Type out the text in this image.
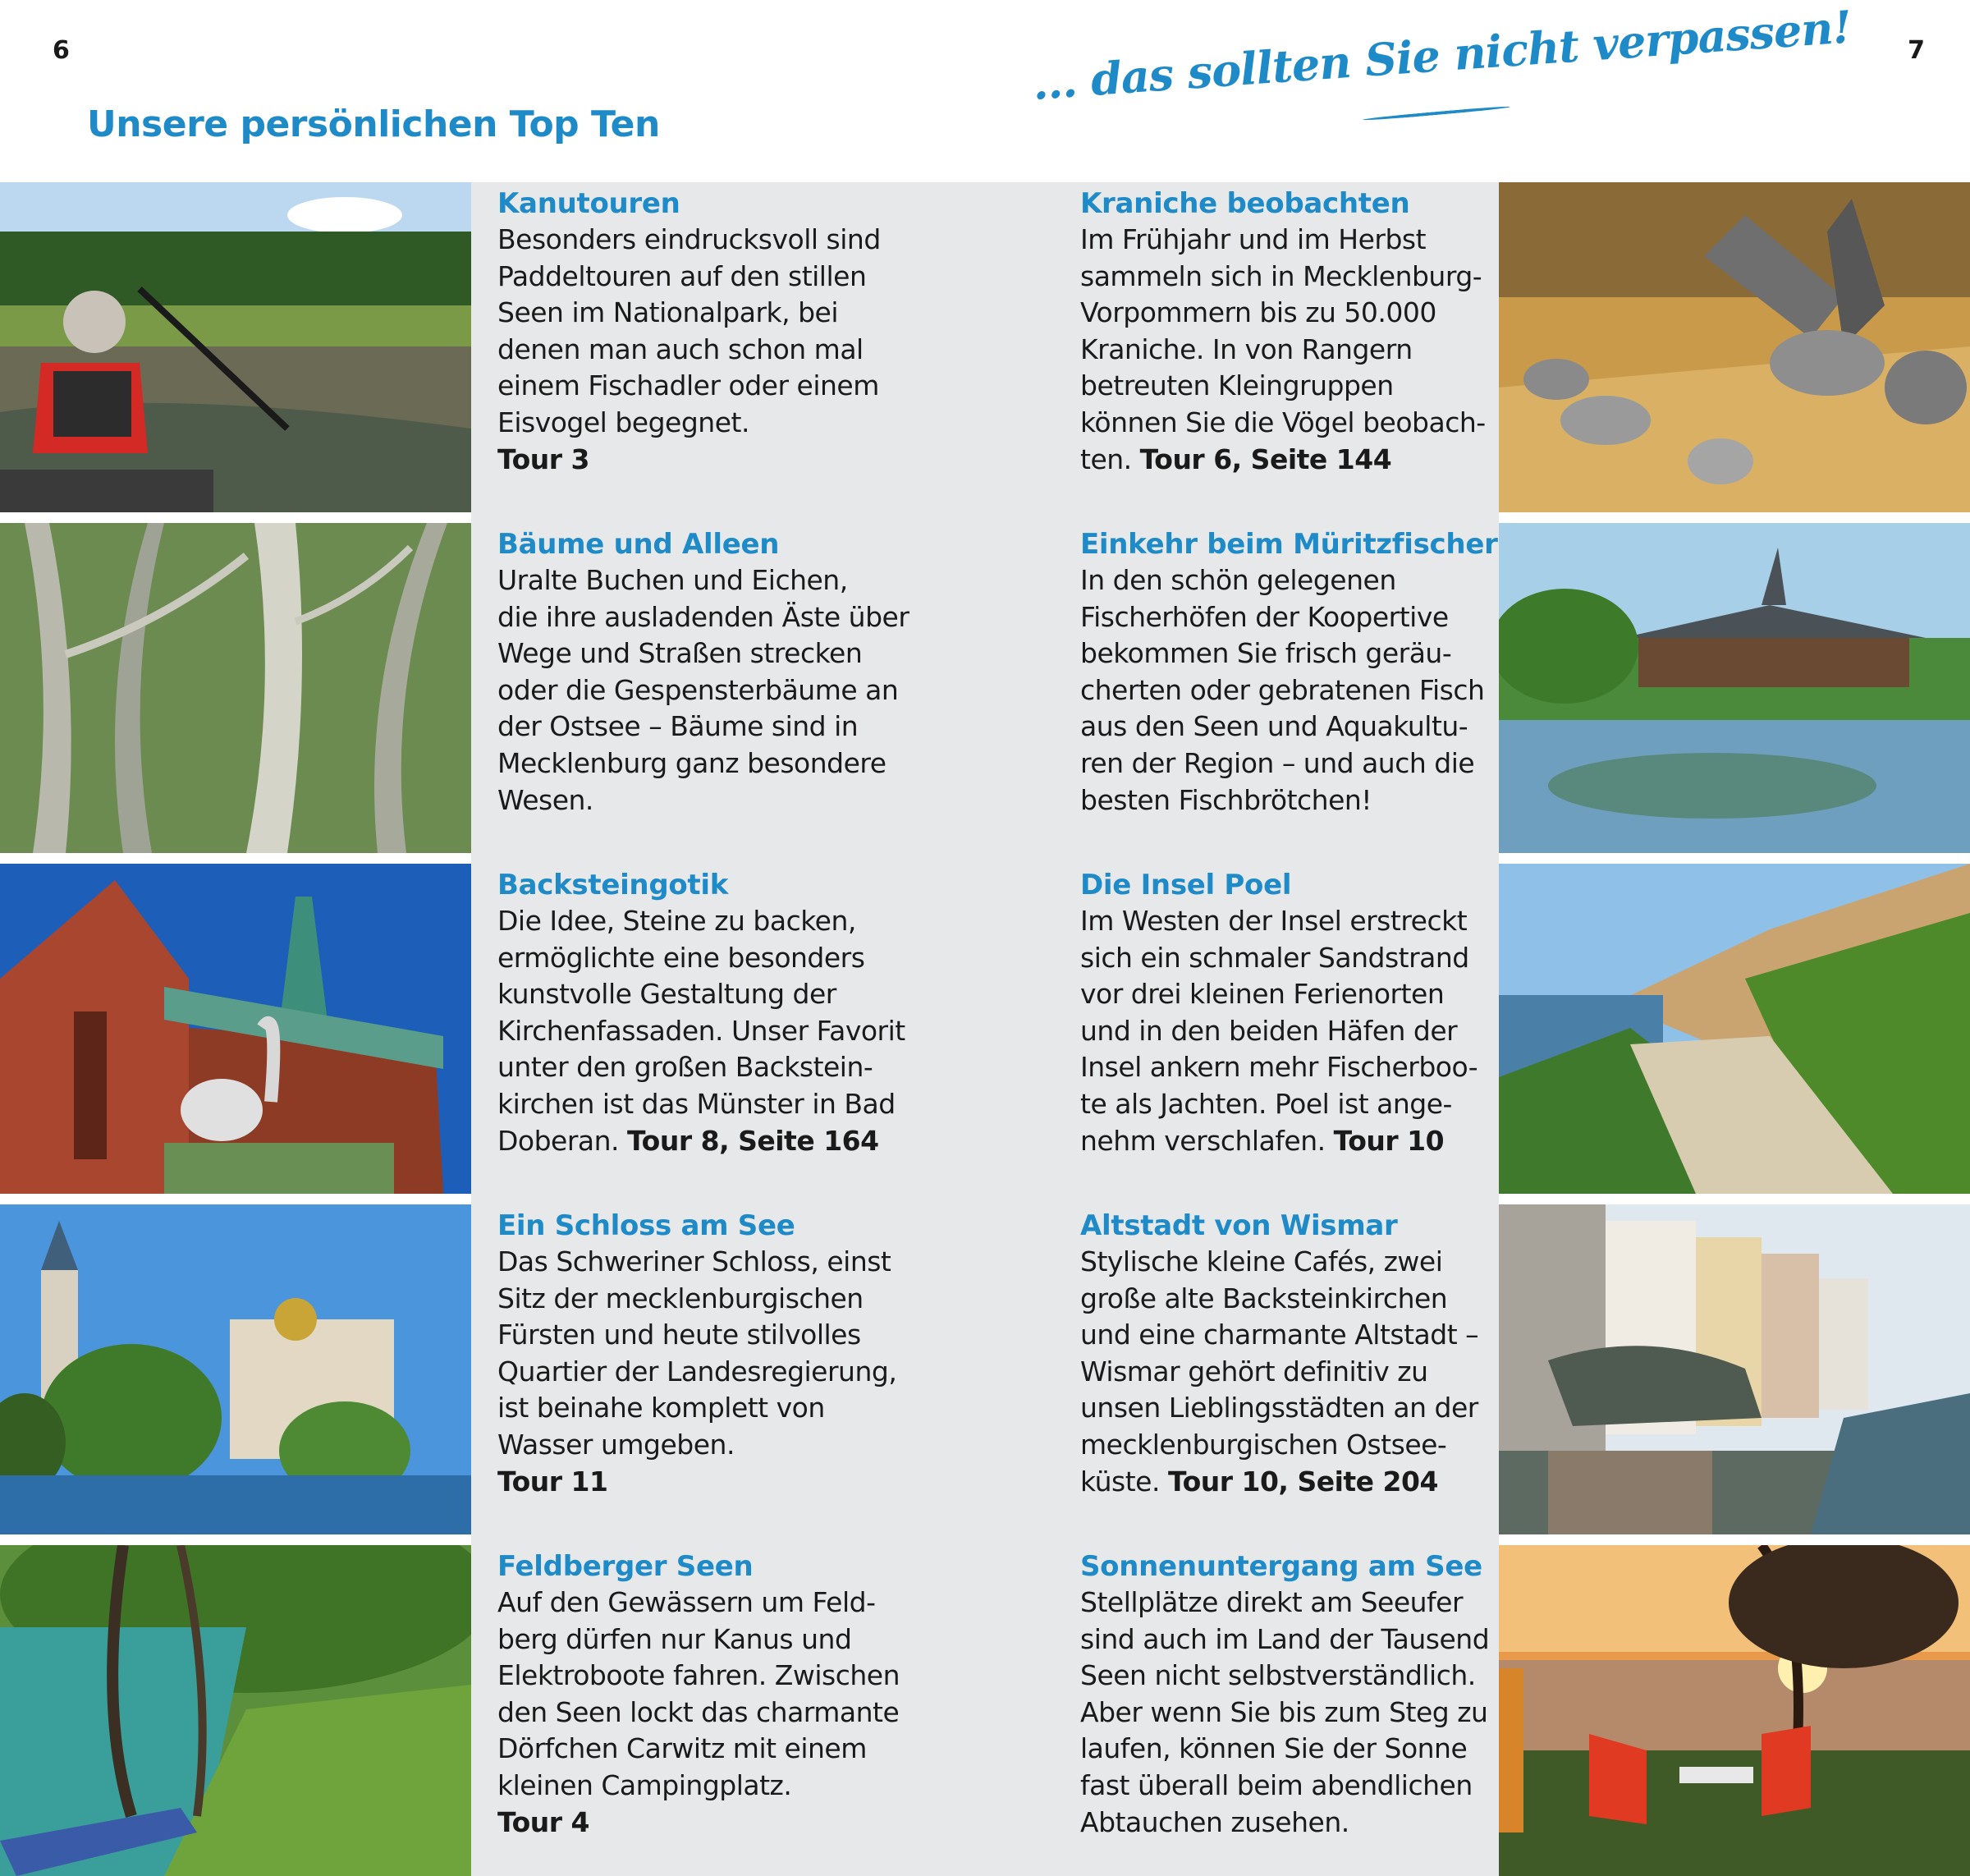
6	7
Unsere persönlichen Top Ten
... das sollten Sie nicht verpassen!
Kanutouren

Besonders eindrucksvoll sind
Paddeltouren auf den stillen
Seen im Nationalpark, bei
denen man auch schon mal
einem Fischadler oder einem
Eisvogel begegnet.
Tour 3

Bäume und Alleen

Uralte Buchen und Eichen,
die ihre ausladenden Äste über
Wege und Straßen strecken
oder die Gespensterbäume an
der Ostsee – Bäume sind in
Mecklenburg ganz besondere
Wesen.

Backsteingotik

Die Idee, Steine zu backen,
ermöglichte eine besonders
kunstvolle Gestaltung der
Kirchenfassaden. Unser Favorit
unter den großen Backstein-
kirchen ist das Münster in Bad
Doberan. Tour 8, Seite 164

Ein Schloss am See

Das Schweriner Schloss, einst
Sitz der mecklenburgischen
Fürsten und heute stilvolles
Quartier der Landesregierung,
ist beinahe komplett von
Wasser umgeben.
Tour 11

Feldberger Seen

Auf den Gewässern um Feld-
berg dürfen nur Kanus und
Elektroboote fahren. Zwischen
den Seen lockt das charmante
Dörfchen Carwitz mit einem
kleinen Campingplatz.
Tour 4

Kraniche beobachten

Im Frühjahr und im Herbst
sammeln sich in Mecklenburg-
Vorpommern bis zu 50.000
Kraniche. In von Rangern
betreuten Kleingruppen
können Sie die Vögel beobach-
ten. Tour 6, Seite 144

Einkehr beim Müritzfischer

In den schön gelegenen
Fischerhöfen der Koopertive
bekommen Sie frisch geräu-
cherten oder gebratenen Fisch
aus den Seen und Aquakultu-
ren der Region – und auch die
besten Fischbrötchen!

Die Insel Poel

Im Westen der Insel erstreckt
sich ein schmaler Sandstrand
vor drei kleinen Ferienorten
und in den beiden Häfen der
Insel ankern mehr Fischerboo-
te als Jachten. Poel ist ange-
nehm verschlafen. Tour 10

Altstadt von Wismar

Stylische kleine Cafés, zwei
große alte Backsteinkirchen
und eine charmante Altstadt –
Wismar gehört definitiv zu
unsen Lieblingsstädten an der
mecklenburgischen Ostsee-
küste. Tour 10, Seite 204

Sonnenuntergang am See

Stellplätze direkt am Seeufer
sind auch im Land der Tausend
Seen nicht selbstverständlich.
Aber wenn Sie bis zum Steg zu
laufen, können Sie der Sonne
fast überall beim abendlichen
Abtauchen zusehen.
